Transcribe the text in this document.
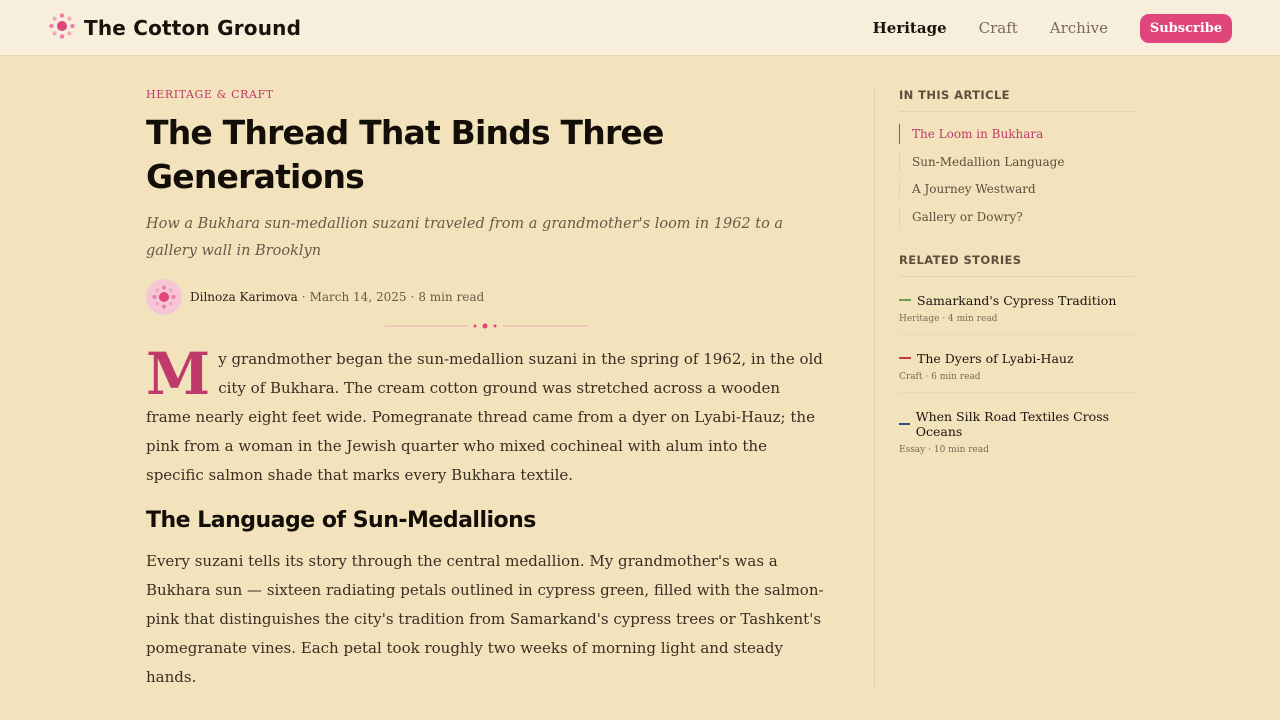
The Cotton Ground	Heritage Craft Archive	Subscribe
HERITAGE & CRAFT
The Thread That Binds Three Generations

How a Bukhara sun-medallion suzani traveled from a grandmother's loom in 1962 to a gallery wall in Brooklyn

Dilnoza Karimova · March 14, 2025 · 8 min read

My grandmother began the sun-medallion suzani in the spring of 1962, in the old city of Bukhara. The cream cotton ground was stretched across a wooden frame nearly eight feet wide. Pomegranate thread came from a dyer on Lyabi-Hauz; the pink from a woman in the Jewish quarter who mixed cochineal with alum into the specific salmon shade that marks every Bukhara textile.

The Language of Sun-Medallions

Every suzani tells its story through the central medallion. My grandmother's was a Bukhara sun — sixteen radiating petals outlined in cypress green, filled with the salmon-pink that distinguishes the city's tradition from Samarkand's cypress trees or Tashkent's pomegranate vines. Each petal took roughly two weeks of morning light and steady hands.

IN THIS ARTICLE
The Loom in Bukhara
Sun-Medallion Language
A Journey Westward
Gallery or Dowry?
RELATED STORIES
Samarkand's Cypress Tradition
Heritage · 4 min read
The Dyers of Lyabi-Hauz
Craft · 6 min read
When Silk Road Textiles Cross Oceans
Essay · 10 min read
